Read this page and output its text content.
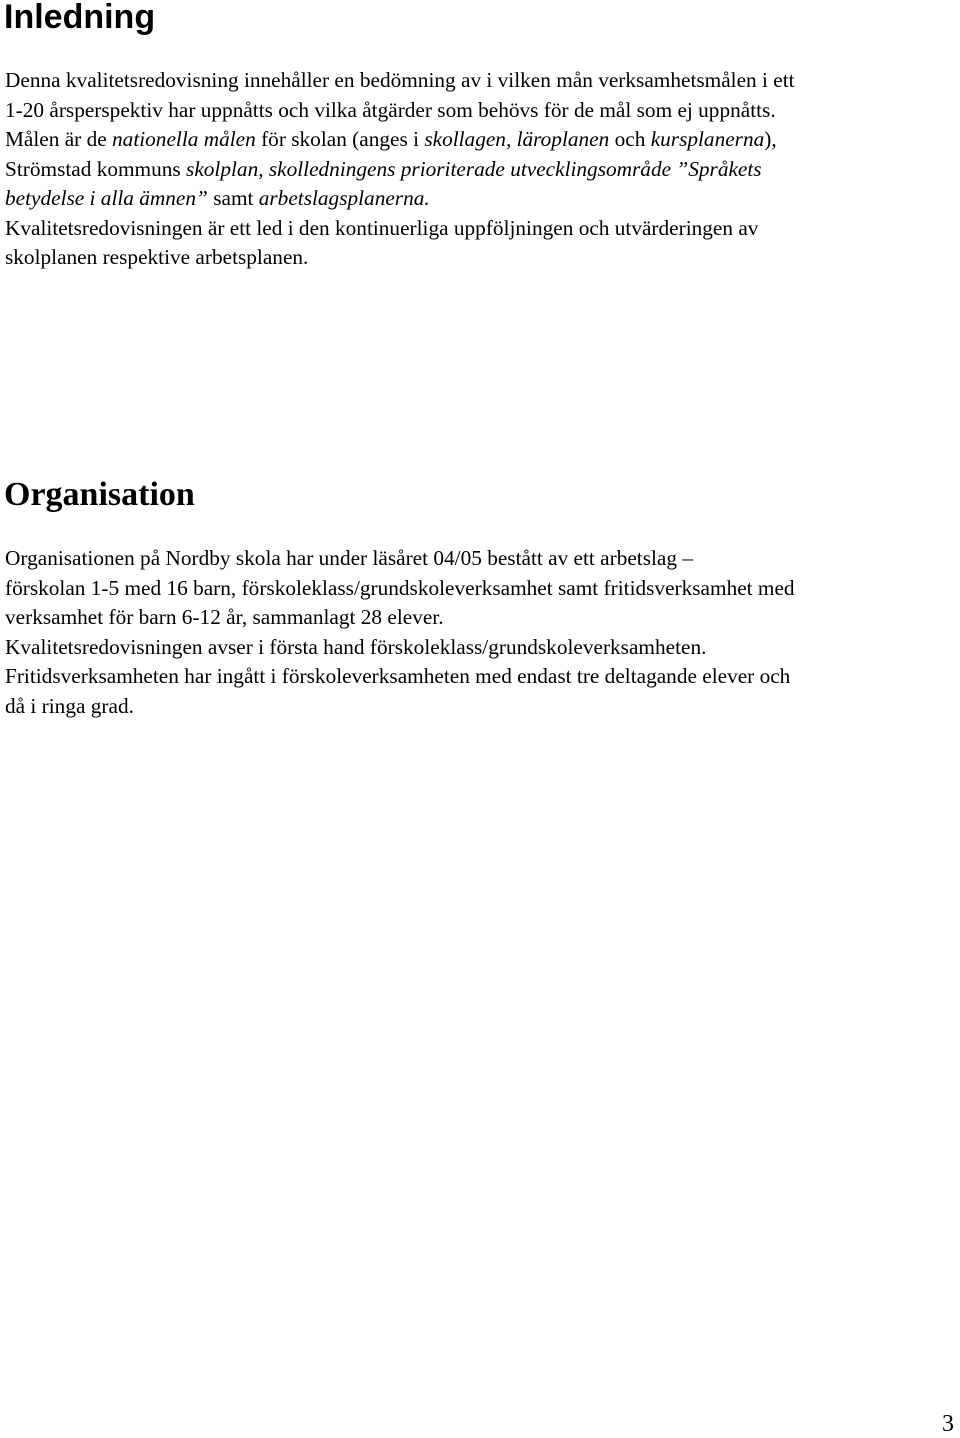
Inledning
Denna kvalitetsredovisning innehåller en bedömning av i vilken mån verksamhetsmålen i ett
1-20 årsperspektiv har uppnåtts och vilka åtgärder som behövs för de mål som ej uppnåtts.
Målen är de nationella målen för skolan (anges i skollagen, läroplanen och kursplanerna),
Strömstad kommuns skolplan, skolledningens prioriterade utvecklingsområde ”Språkets
betydelse i alla ämnen” samt arbetslagsplanerna.
Kvalitetsredovisningen är ett led i den kontinuerliga uppföljningen och utvärderingen av
skolplanen respektive arbetsplanen.
Organisation
Organisationen på Nordby skola har under läsåret 04/05 bestått av ett arbetslag –
förskolan 1-5 med 16 barn, förskoleklass/grundskoleverksamhet samt fritidsverksamhet med
verksamhet för barn 6-12 år, sammanlagt 28 elever.
Kvalitetsredovisningen avser i första hand förskoleklass/grundskoleverksamheten.
Fritidsverksamheten har ingått i förskoleverksamheten med endast tre deltagande elever och
då i ringa grad.
3
